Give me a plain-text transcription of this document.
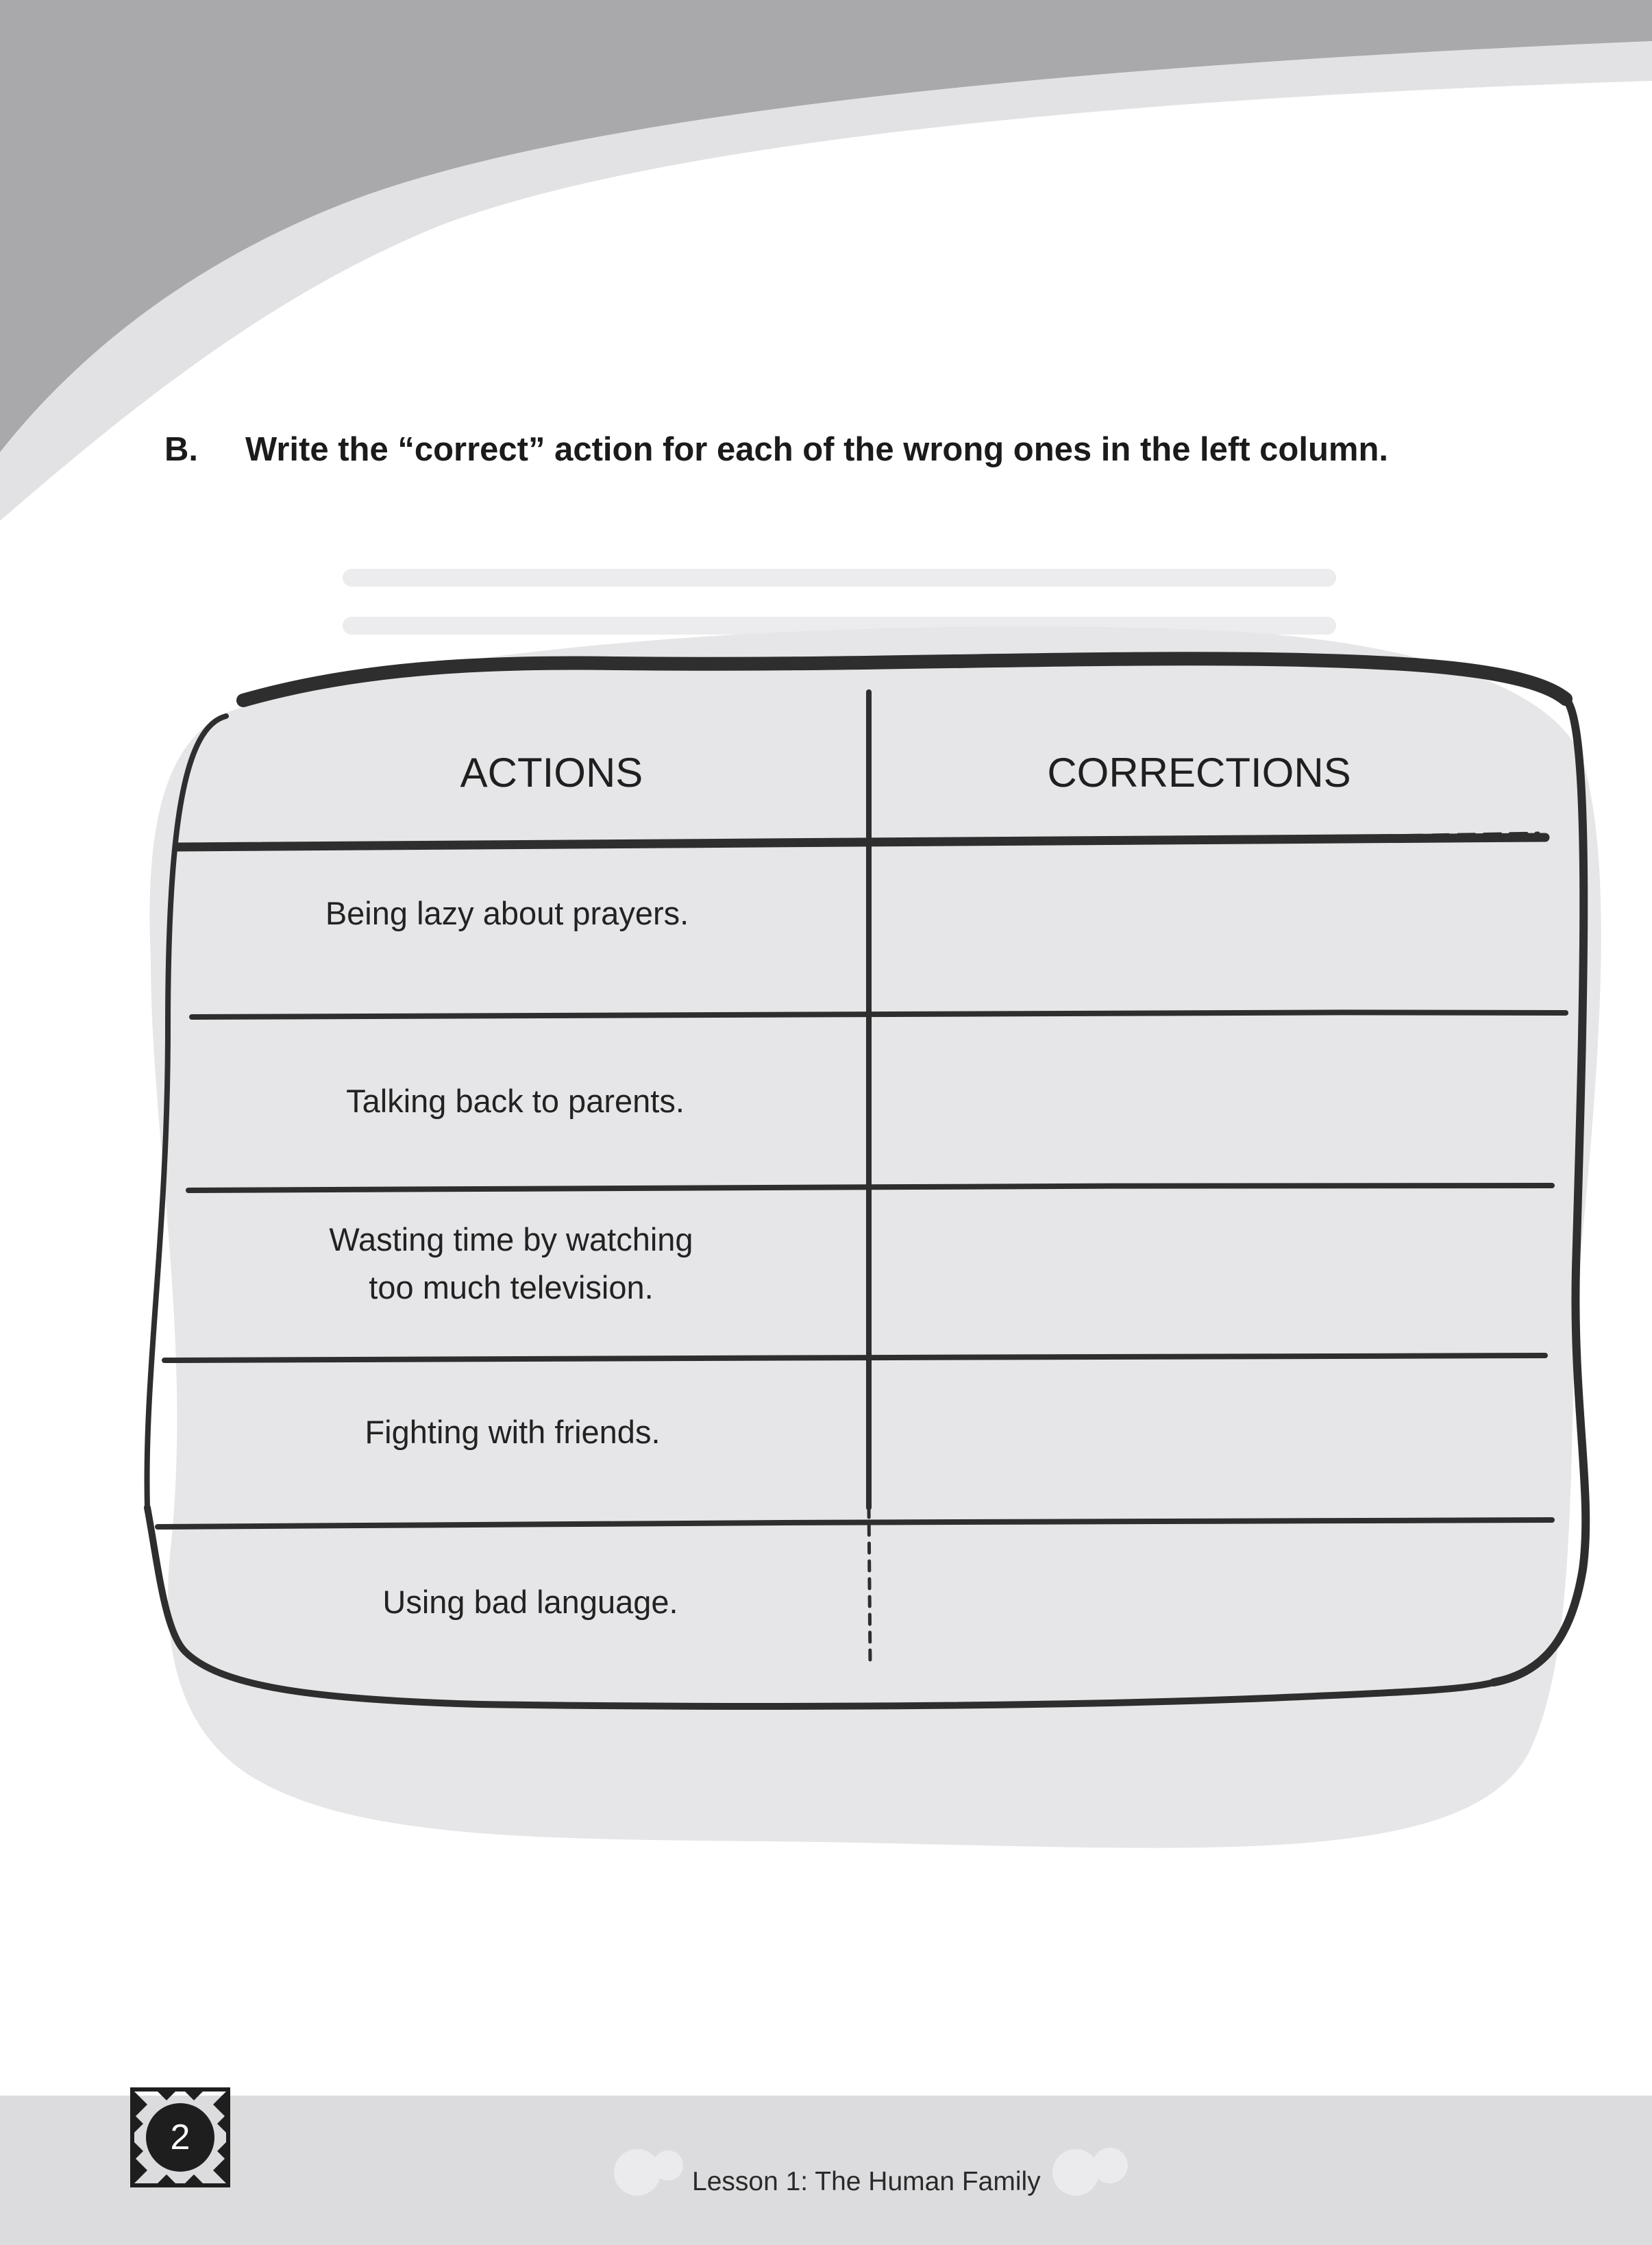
B. Write the “correct” action for each of the wrong ones in the left column.
ACTIONS	CORRECTIONS
Being lazy about prayers.
Talking back to parents.
Wasting time by watching
too much television.
Fighting with friends.
Using bad language.
2
Lesson 1: The Human Family
